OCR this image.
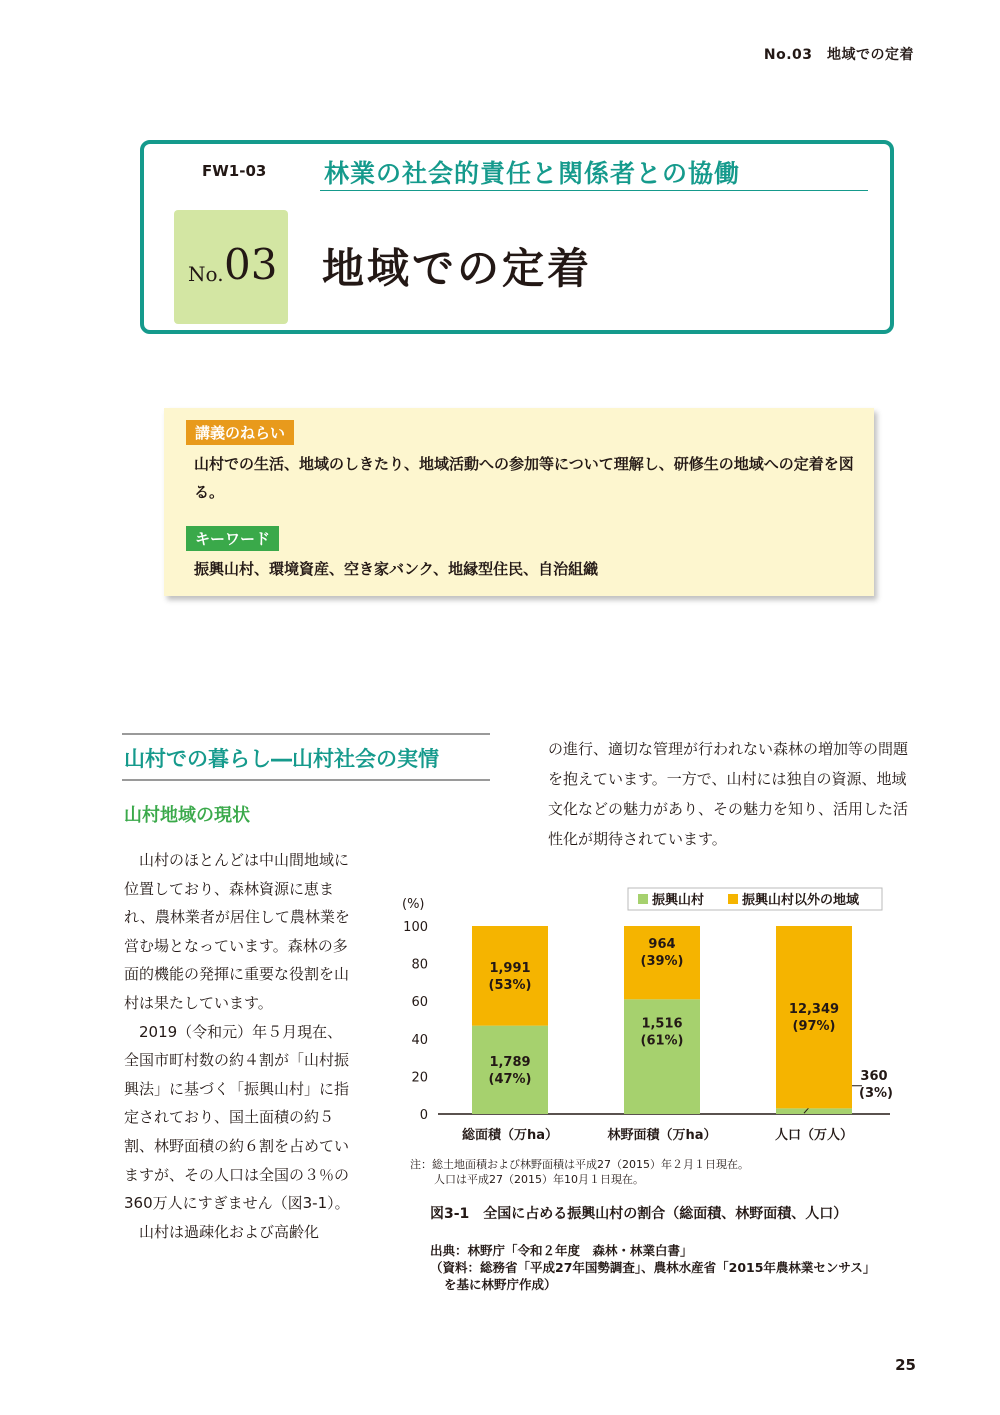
No.03　地域での定着
FW1-03 林業の社会的責任と関係者との協働
No. 03 地域での定着
講義のねらい
山村での生活、地域のしきたり、地域活動への参加等について理解し、研修生の地域への定着を図る。
キーワード
振興山村、環境資産、空き家バンク、地縁型住民、自治組織
山村での暮らし―山村社会の実情
山村地域の現状

山村のほとんどは中山間地域に位置しており、森林資源に恵まれ、農林業者が居住して農林業を営む場となっています。森林の多面的機能の発揮に重要な役割を山村は果たしています。

2019（令和元）年５月現在、全国市町村数の約４割が「山村振興法」に基づく「振興山村」に指定されており、国土面積の約５割、林野面積の約６割を占めていますが、その人口は全国の３％の360万人にすぎません（図3-1）。

山村は過疎化および高齢化

の進行、適切な管理が行われない森林の増加等の問題を抱えています。一方で、山村には独自の資源、地域文化などの魅力があり、その魅力を知り、活用した活性化が期待されています。

(%)
0
20
40
60
80
100
振興山村	振興山村以外の地域
1,789
(47%)
1,991
(53%)
総面積（万ha）
1,516
(61%)
964
(39%)
林野面積（万ha）
360
(3%)
12,349
(97%)
人口（万人）
注：総土地面積および林野面積は平成27（2015）年２月１日現在。
人口は平成27（2015）年10月１日現在。
図3-1　全国に占める振興山村の割合（総面積、林野面積、人口）
出典：林野庁「令和２年度　森林・林業白書」
（資料：総務省「平成27年国勢調査」、農林水産省「2015年農林業センサス」
を基に林野庁作成）
25
